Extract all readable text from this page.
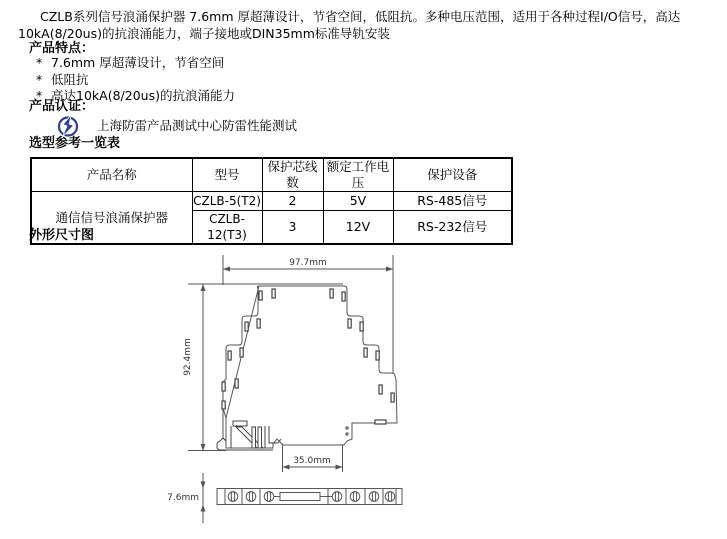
CZLB系列信号浪涌保护器 7.6mm 厚超薄设计，节省空间，低阻抗。多种电压范围，适用于各种过程I/O信号，高达10kA(8/20us)的抗浪涌能力，端子接地或DIN35mm标准导轨安装
产品特点：
* 7.6mm 厚超薄设计，节省空间
* 低阻抗
* 高达10kA(8/20us)的抗浪涌能力
产品认证：
上海防雷产品测试中心防雷性能测试
选型参考一览表
产品名称	型号	保护芯线数	额定工作电压	保护设备
通信信号浪涌保护器	CZLB-5(T2)	2	5V	RS-485信号
	CZLB-12(T3)	3	12V	RS-232信号
外形尺寸图
97.7mm
92.4mm
35.0mm
7.6mm
